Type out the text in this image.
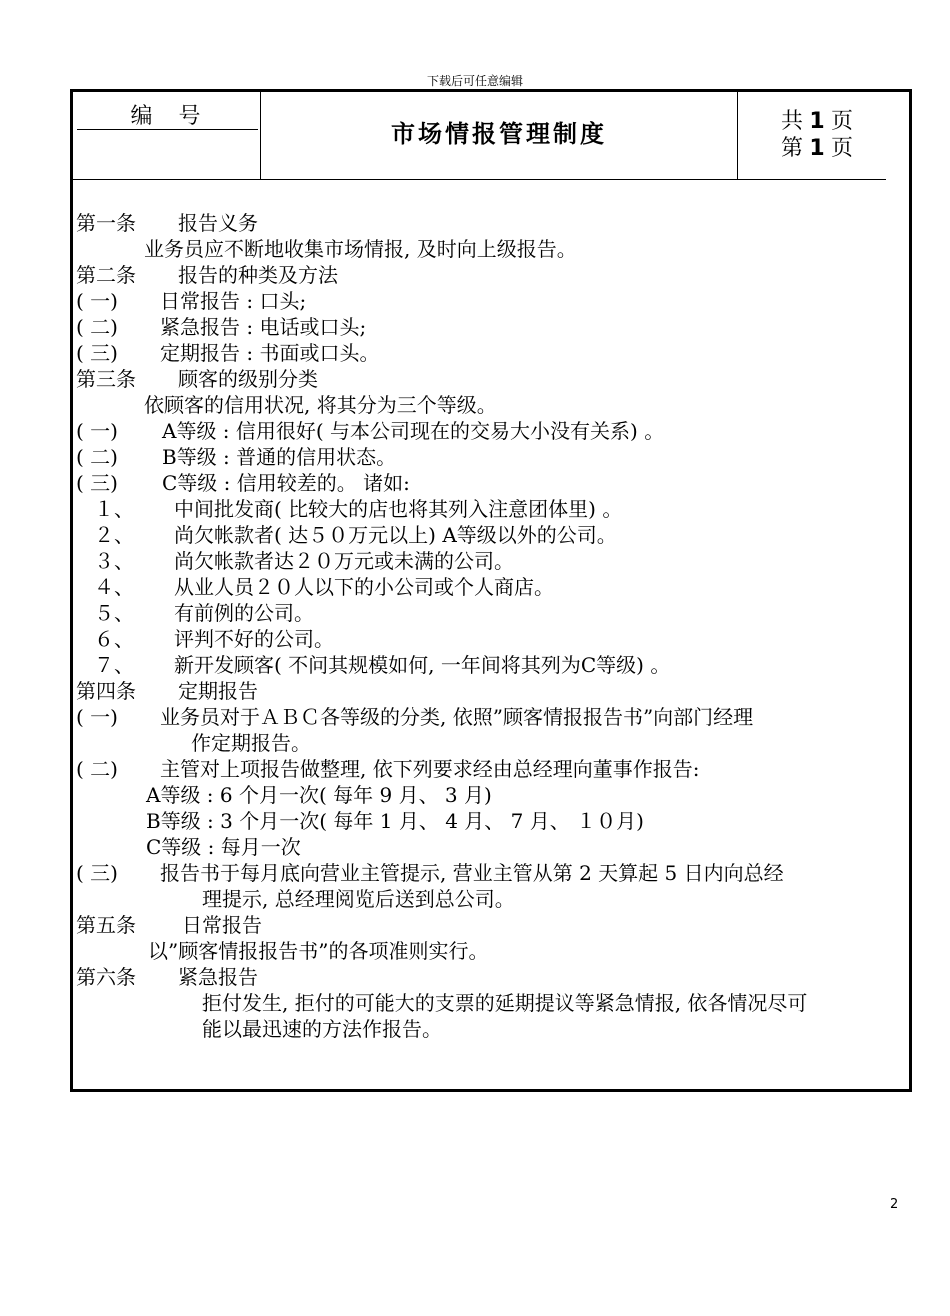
下载后可任意编辑
编　号
市场情报管理制度	共 1 页
第 1 页
第一条 报告义务
业务员应不断地收集市场情报, 及时向上级报告。
第二条 报告的种类及方法
( 一) 日常报告 : 口头;
( 二) 紧急报告 : 电话或口头;
( 三) 定期报告 : 书面或口头。
第三条 顾客的级别分类
依顾客的信用状况, 将其分为三个等级。
( 一) A等级 : 信用很好( 与本公司现在的交易大小没有关系) 。
( 二) B等级 : 普通的信用状态。
( 三) C等级 : 信用较差的。 诸如:
１、 中间批发商( 比较大的店也将其列入注意团体里) 。
２、 尚欠帐款者( 达５０万元以上) A等级以外的公司。
３、 尚欠帐款者达２０万元或未满的公司。
４、 从业人员２０人以下的小公司或个人商店。
５、 有前例的公司。
６、 评判不好的公司。
７、 新开发顾客( 不问其规模如何, 一年间将其列为C等级) 。
第四条 定期报告
( 一) 业务员对于ＡＢＣ各等级的分类, 依照”顾客情报报告书”向部门经理
作定期报告。
( 二) 主管对上项报告做整理, 依下列要求经由总经理向董事作报告:
A等级 : 6 个月一次( 每年 9 月、 3 月)
B等级 : 3 个月一次( 每年 1 月、 4 月、 7 月、 １０月)
C等级 : 每月一次
( 三) 报告书于每月底向营业主管提示, 营业主管从第 2 天算起 5 日内向总经
理提示, 总经理阅览后送到总公司。
第五条 日常报告
以”顾客情报报告书”的各项准则实行。
第六条 紧急报告
拒付发生, 拒付的可能大的支票的延期提议等紧急情报, 依各情况尽可
能以最迅速的方法作报告。
2
